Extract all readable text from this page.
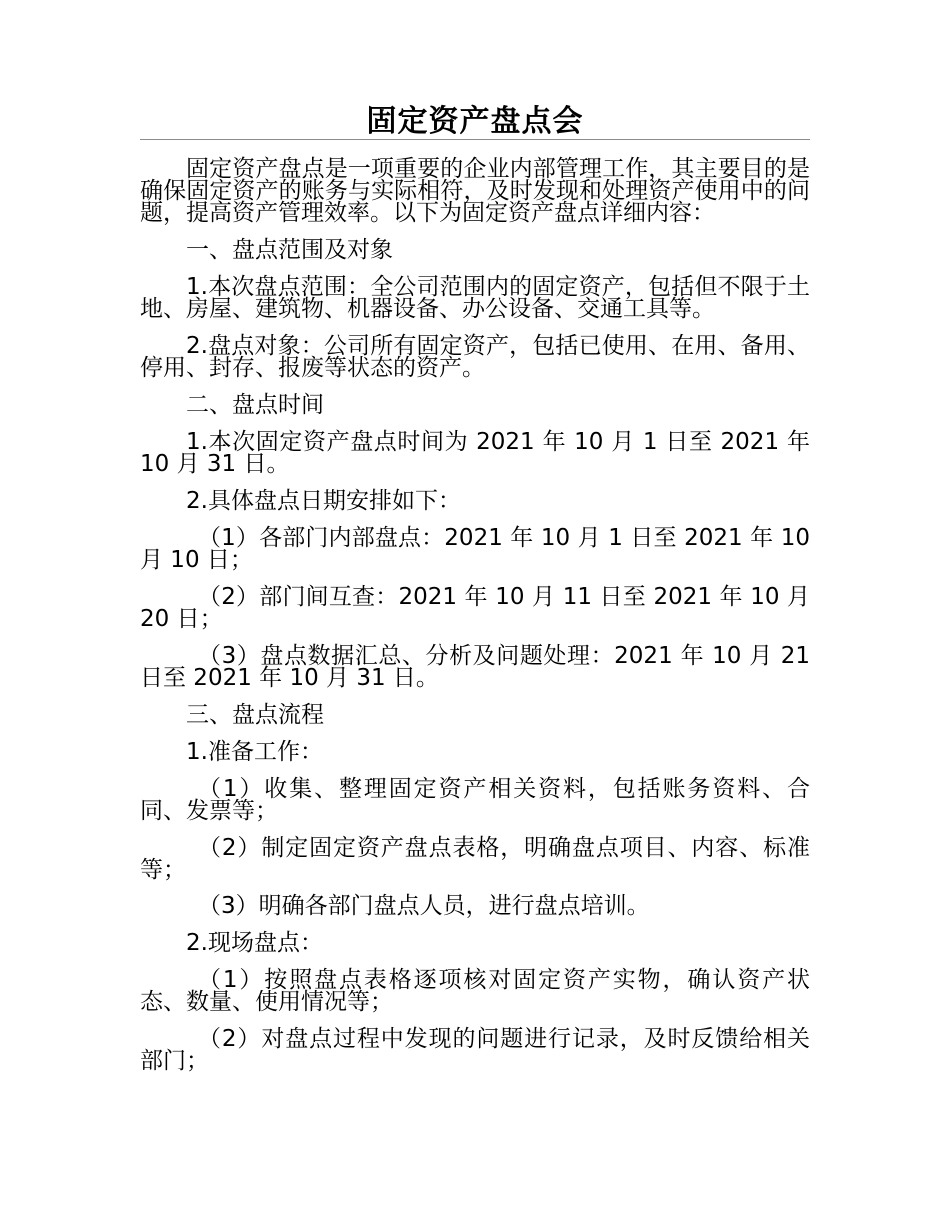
固定资产盘点会

固定资产盘点是一项重要的企业内部管理工作，其主要目的是确保固定资产的账务与实际相符，及时发现和处理资产使用中的问题，提高资产管理效率。以下为固定资产盘点详细内容：

一、盘点范围及对象

1.本次盘点范围：全公司范围内的固定资产，包括但不限于土地、房屋、建筑物、机器设备、办公设备、交通工具等。

2.盘点对象：公司所有固定资产，包括已使用、在用、备用、停用、封存、报废等状态的资产。

二、盘点时间

1.本次固定资产盘点时间为 2021 年 10 月 1 日至 2021 年 10 月 31 日。

2.具体盘点日期安排如下：

（1）各部门内部盘点：2021 年 10 月 1 日至 2021 年 10 月 10 日；

（2）部门间互查：2021 年 10 月 11 日至 2021 年 10 月 20 日；

（3）盘点数据汇总、分析及问题处理：2021 年 10 月 21 日至 2021 年 10 月 31 日。

三、盘点流程

1.准备工作：

（1）收集、整理固定资产相关资料，包括账务资料、合同、发票等；

（2）制定固定资产盘点表格，明确盘点项目、内容、标准等；

（3）明确各部门盘点人员，进行盘点培训。

2.现场盘点：

（1）按照盘点表格逐项核对固定资产实物，确认资产状态、数量、使用情况等；

（2）对盘点过程中发现的问题进行记录，及时反馈给相关部门；
